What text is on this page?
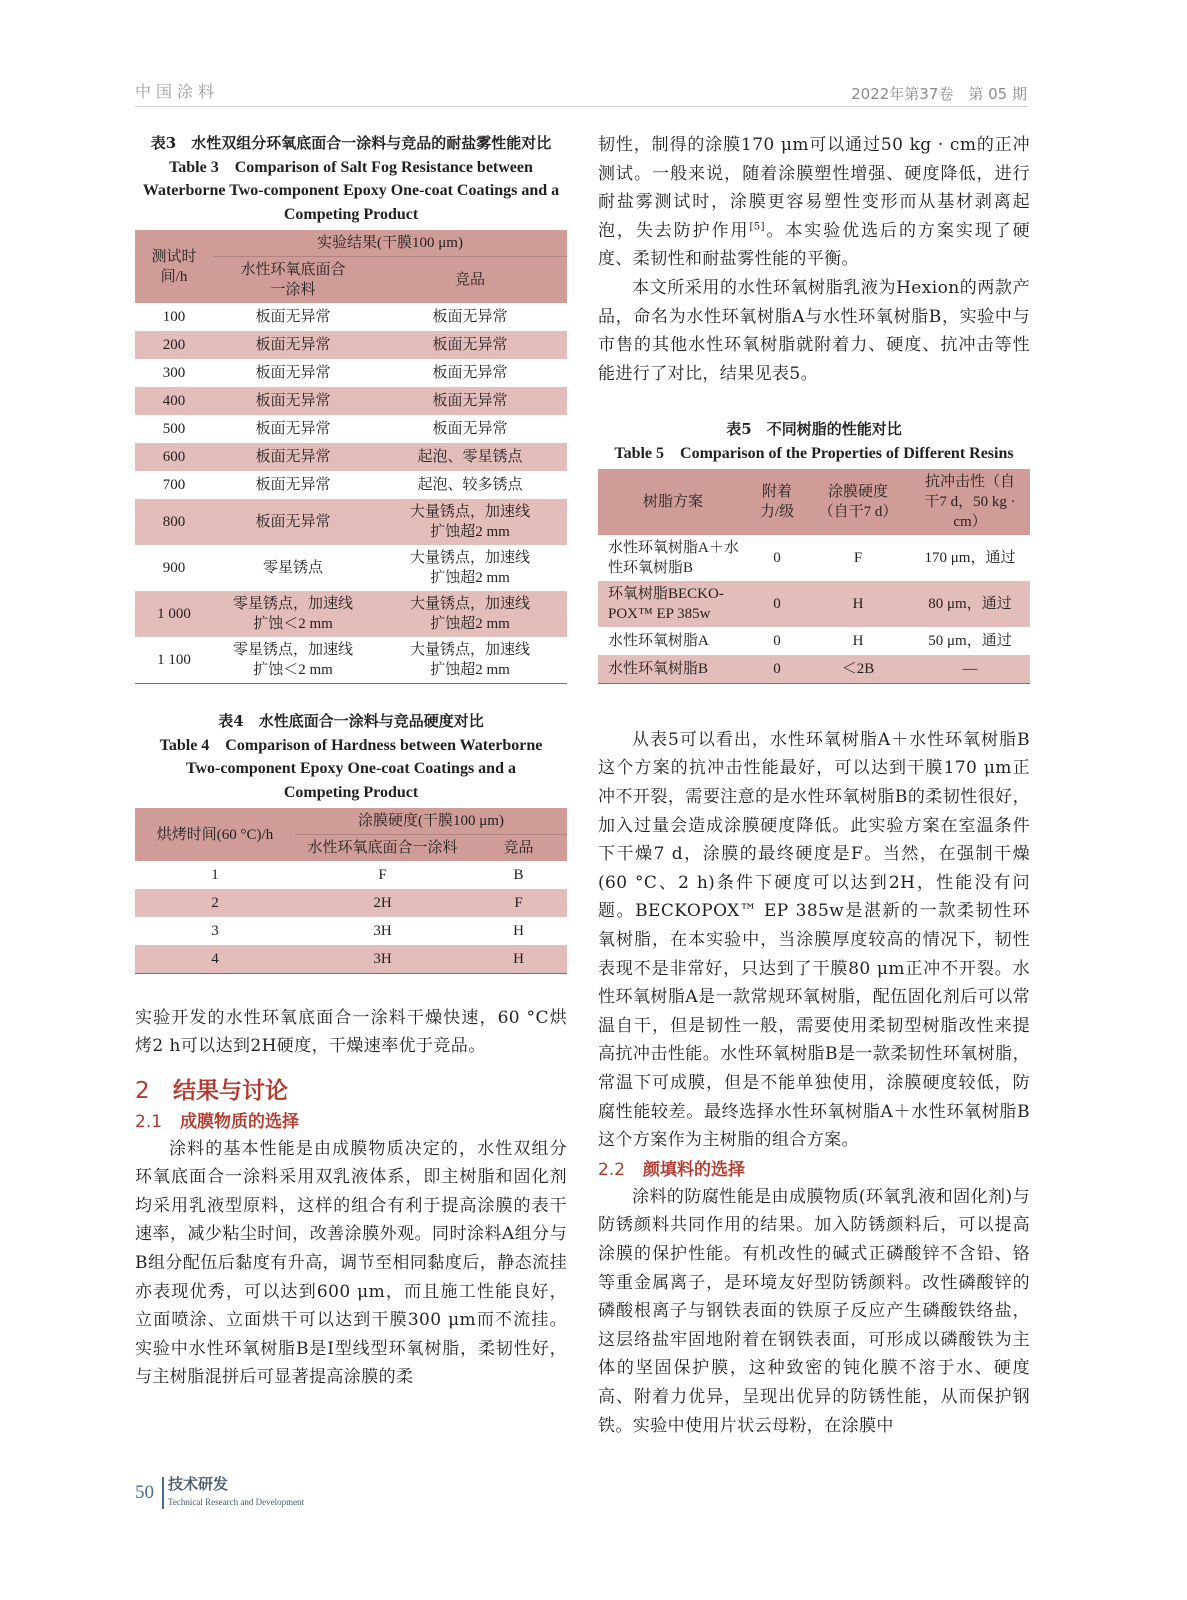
中国涂料	2022年第37卷　第 05 期
表3　水性双组分环氧底面合一涂料与竞品的耐盐雾性能对比
Table 3　Comparison of Salt Fog Resistance between Waterborne Two-component Epoxy One-coat Coatings and a Competing Product
测试时间/h	实验结果(干膜100 μm)	
	水性环氧底面合一涂料	竞品
100	板面无异常	板面无异常
200	板面无异常	板面无异常
300	板面无异常	板面无异常
400	板面无异常	板面无异常
500	板面无异常	板面无异常
600	板面无异常	起泡、零星锈点
700	板面无异常	起泡、较多锈点
800	板面无异常	大量锈点，加速线扩蚀超2 mm
900	零星锈点	大量锈点，加速线扩蚀超2 mm
1 000	零星锈点，加速线扩蚀＜2 mm	大量锈点，加速线扩蚀超2 mm
1 100	零星锈点，加速线扩蚀＜2 mm	大量锈点，加速线扩蚀超2 mm
表4　水性底面合一涂料与竞品硬度对比
Table 4　Comparison of Hardness between Waterborne Two-component Epoxy One-coat Coatings and a Competing Product
烘烤时间(60 °C)/h	涂膜硬度(干膜100 μm)	
	水性环氧底面合一涂料	竞品
1	F	B
2	2H	F
3	3H	H
4	3H	H
实验开发的水性环氧底面合一涂料干燥快速，60 °C烘烤2 h可以达到2H硬度，干燥速率优于竞品。
2 结果与讨论
2.1 成膜物质的选择
涂料的基本性能是由成膜物质决定的，水性双组分环氧底面合一涂料采用双乳液体系，即主树脂和固化剂均采用乳液型原料，这样的组合有利于提高涂膜的表干速率，减少粘尘时间，改善涂膜外观。同时涂料A组分与B组分配伍后黏度有升高，调节至相同黏度后，静态流挂亦表现优秀，可以达到600 μm，而且施工性能良好，立面喷涂、立面烘干可以达到干膜300 μm而不流挂。实验中水性环氧树脂B是Ⅰ型线型环氧树脂，柔韧性好，与主树脂混拼后可显著提高涂膜的柔
韧性，制得的涂膜170 μm可以通过50 kg · cm的正冲测试。一般来说，随着涂膜塑性增强、硬度降低，进行耐盐雾测试时，涂膜更容易塑性变形而从基材剥离起泡，失去防护作用[5]。本实验优选后的方案实现了硬度、柔韧性和耐盐雾性能的平衡。
本文所采用的水性环氧树脂乳液为Hexion的两款产品，命名为水性环氧树脂A与水性环氧树脂B，实验中与市售的其他水性环氧树脂就附着力、硬度、抗冲击等性能进行了对比，结果见表5。
表5　不同树脂的性能对比
Table 5　Comparison of the Properties of Different Resins
树脂方案	附着力/级	涂膜硬度（自干7 d）	抗冲击性（自干7 d，50 kg · cm）
水性环氧树脂A＋水性环氧树脂B	0	F	170 μm，通过
环氧树脂BECKO-POX™ EP 385w	0	H	80 μm，通过
水性环氧树脂A	0	H	50 μm，通过
水性环氧树脂B	0	＜2B	—
从表5可以看出，水性环氧树脂A＋水性环氧树脂B这个方案的抗冲击性能最好，可以达到干膜170 μm正冲不开裂，需要注意的是水性环氧树脂B的柔韧性很好，加入过量会造成涂膜硬度降低。此实验方案在室温条件下干燥7 d，涂膜的最终硬度是F。当然，在强制干燥(60 °C、2 h)条件下硬度可以达到2H，性能没有问题。BECKOPOX™ EP 385w是湛新的一款柔韧性环氧树脂，在本实验中，当涂膜厚度较高的情况下，韧性表现不是非常好，只达到了干膜80 μm正冲不开裂。水性环氧树脂A是一款常规环氧树脂，配伍固化剂后可以常温自干，但是韧性一般，需要使用柔韧型树脂改性来提高抗冲击性能。水性环氧树脂B是一款柔韧性环氧树脂，常温下可成膜，但是不能单独使用，涂膜硬度较低，防腐性能较差。最终选择水性环氧树脂A＋水性环氧树脂B这个方案作为主树脂的组合方案。
2.2 颜填料的选择
涂料的防腐性能是由成膜物质(环氧乳液和固化剂)与防锈颜料共同作用的结果。加入防锈颜料后，可以提高涂膜的保护性能。有机改性的碱式正磷酸锌不含铅、铬等重金属离子，是环境友好型防锈颜料。改性磷酸锌的磷酸根离子与钢铁表面的铁原子反应产生磷酸铁络盐，这层络盐牢固地附着在钢铁表面，可形成以磷酸铁为主体的坚固保护膜，这种致密的钝化膜不溶于水、硬度高、附着力优异，呈现出优异的防锈性能，从而保护钢铁。实验中使用片状云母粉，在涂膜中
50 技术研发
Technical Research and Development
